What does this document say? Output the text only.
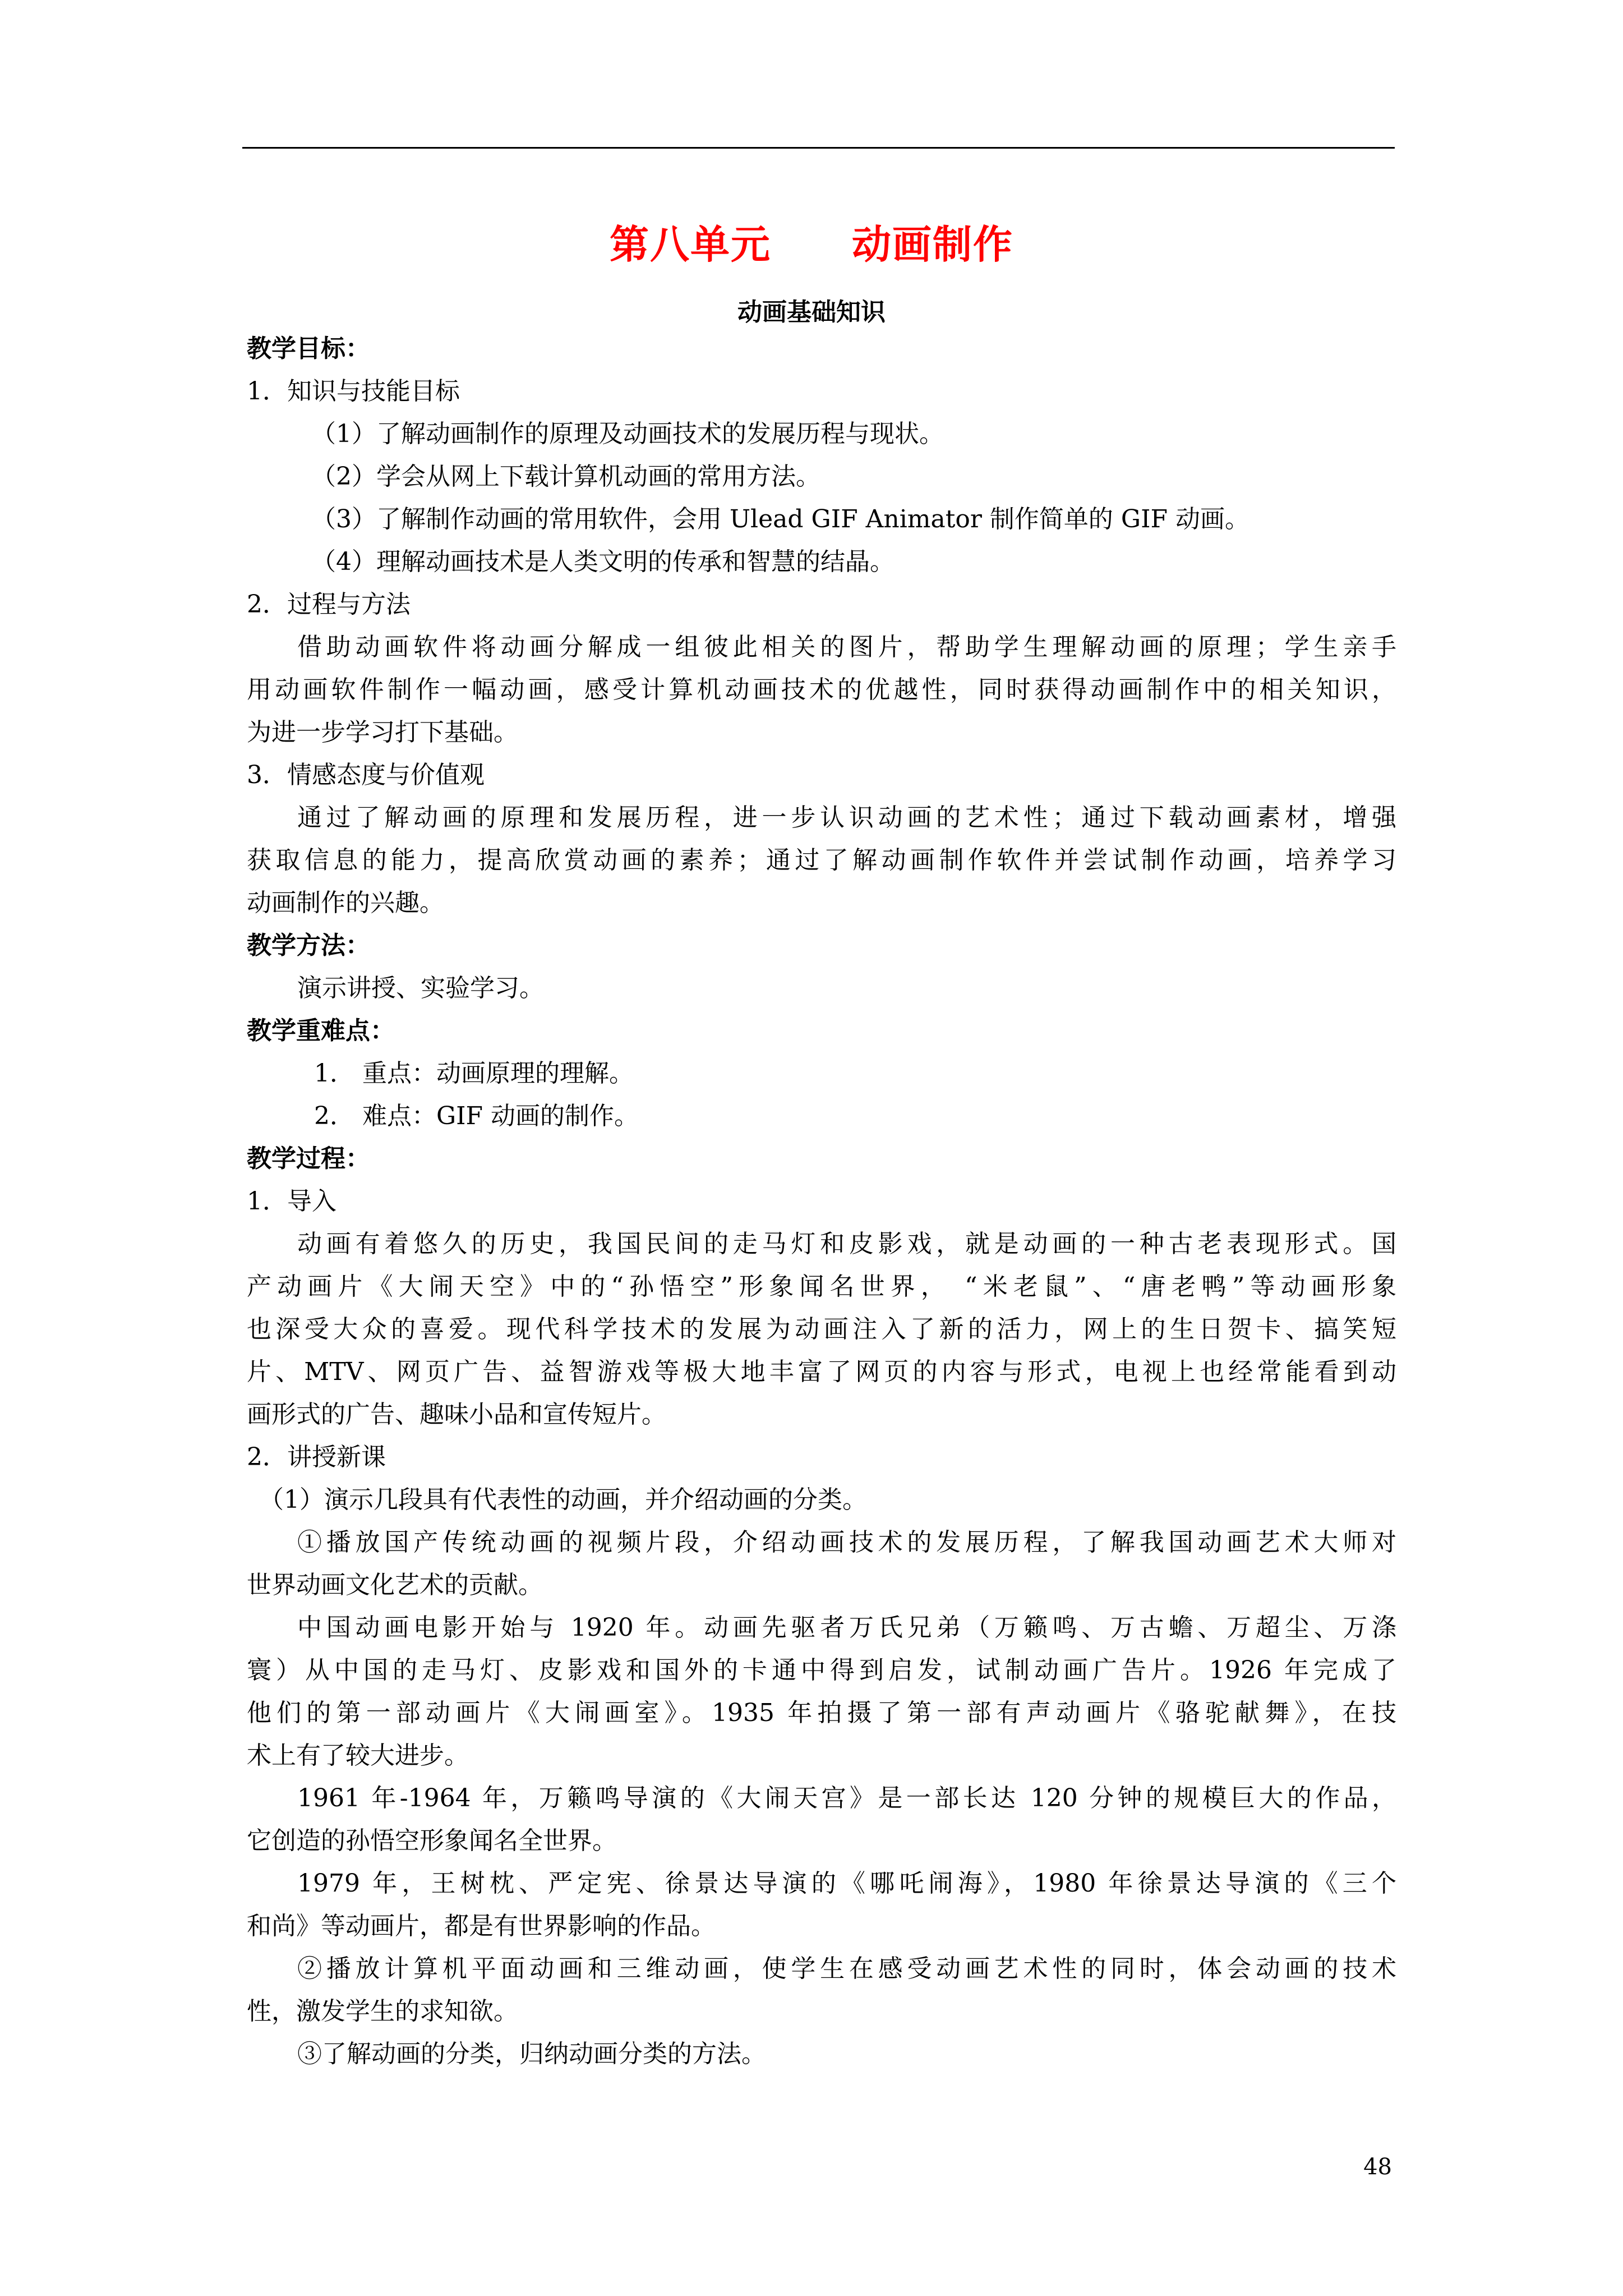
第八单元　　动画制作
动画基础知识
教学目标：
1．知识与技能目标
（1）了解动画制作的原理及动画技术的发展历程与现状。
（2）学会从网上下载计算机动画的常用方法。
（3）了解制作动画的常用软件，会用 Ulead GIF Animator 制作简单的 GIF 动画。
（4）理解动画技术是人类文明的传承和智慧的结晶。
2．过程与方法
借助动画软件将动画分解成一组彼此相关的图片，帮助学生理解动画的原理；学生亲手
用动画软件制作一幅动画，感受计算机动画技术的优越性，同时获得动画制作中的相关知识，
为进一步学习打下基础。
3．情感态度与价值观
通过了解动画的原理和发展历程，进一步认识动画的艺术性；通过下载动画素材，增强
获取信息的能力，提高欣赏动画的素养；通过了解动画制作软件并尝试制作动画，培养学习
动画制作的兴趣。
教学方法：
演示讲授、实验学习。
教学重难点：
1． 重点：动画原理的理解。
2． 难点：GIF 动画的制作。
教学过程：
1．导入
动画有着悠久的历史，我国民间的走马灯和皮影戏，就是动画的一种古老表现形式。国
产动画片《大闹天空》中的“孙悟空”形象闻名世界， “米老鼠”、“唐老鸭”等动画形象
也深受大众的喜爱。现代科学技术的发展为动画注入了新的活力，网上的生日贺卡、搞笑短
片、MTV、网页广告、益智游戏等极大地丰富了网页的内容与形式，电视上也经常能看到动
画形式的广告、趣味小品和宣传短片。
2．讲授新课
（1）演示几段具有代表性的动画，并介绍动画的分类。
①播放国产传统动画的视频片段，介绍动画技术的发展历程，了解我国动画艺术大师对
世界动画文化艺术的贡献。
中国动画电影开始与 1920 年。动画先驱者万氏兄弟（万籁鸣、万古蟾、万超尘、万涤
寰）从中国的走马灯、皮影戏和国外的卡通中得到启发，试制动画广告片。1926 年完成了
他们的第一部动画片《大闹画室》。1935 年拍摄了第一部有声动画片《骆驼献舞》，在技
术上有了较大进步。
1961 年-1964 年，万籁鸣导演的《大闹天宫》是一部长达 120 分钟的规模巨大的作品，
它创造的孙悟空形象闻名全世界。
1979 年，王树枕、严定宪、徐景达导演的《哪吒闹海》，1980 年徐景达导演的《三个
和尚》等动画片，都是有世界影响的作品。
②播放计算机平面动画和三维动画，使学生在感受动画艺术性的同时，体会动画的技术
性，激发学生的求知欲。
③了解动画的分类，归纳动画分类的方法。
48
